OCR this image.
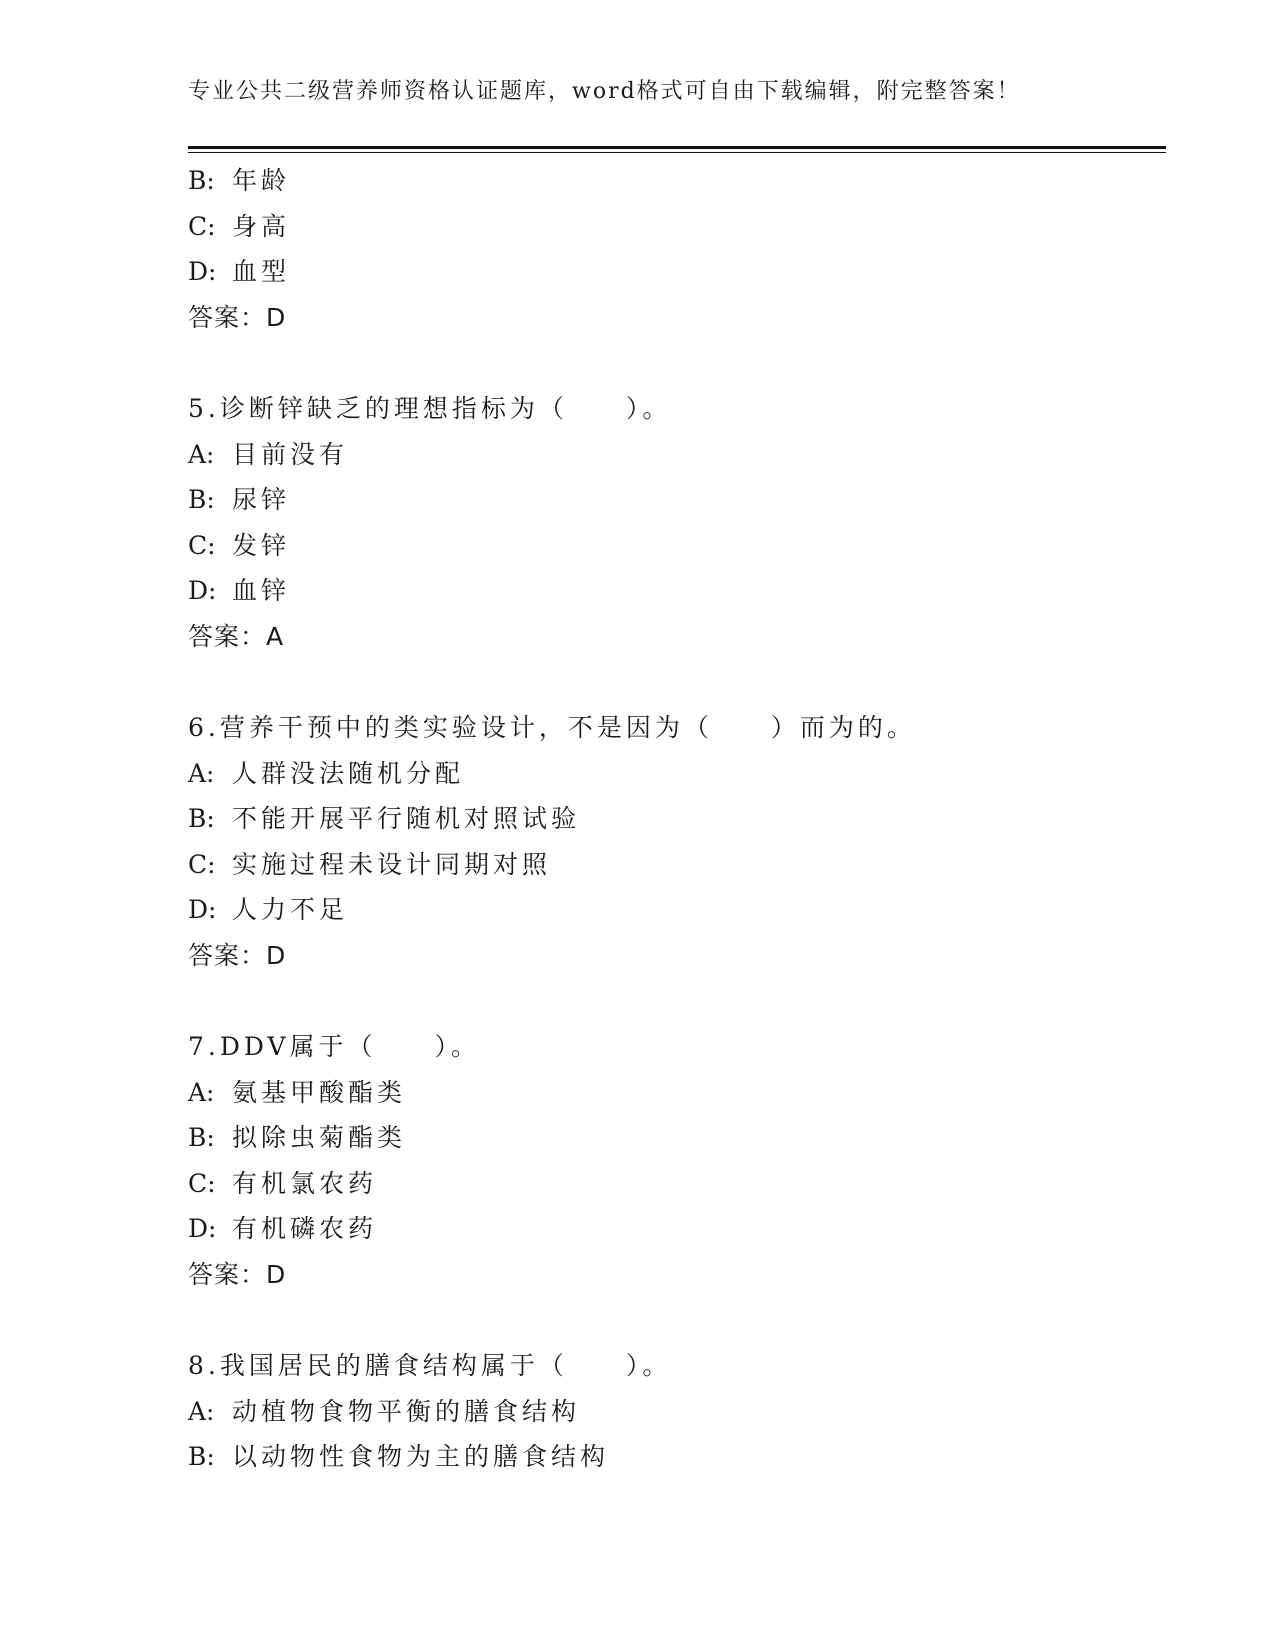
专业公共二级营养师资格认证题库，word格式可自由下载编辑，附完整答案！
B: 年龄
C: 身高
D: 血型
答案：D
5.诊断锌缺乏的理想指标为（　　）。
A: 目前没有
B: 尿锌
C: 发锌
D: 血锌
答案：A
6.营养干预中的类实验设计，不是因为（　　）而为的。
A: 人群没法随机分配
B: 不能开展平行随机对照试验
C: 实施过程未设计同期对照
D: 人力不足
答案：D
7.DDV属于（　　）。
A: 氨基甲酸酯类
B: 拟除虫菊酯类
C: 有机氯农药
D: 有机磷农药
答案：D
8.我国居民的膳食结构属于（　　）。
A: 动植物食物平衡的膳食结构
B: 以动物性食物为主的膳食结构
